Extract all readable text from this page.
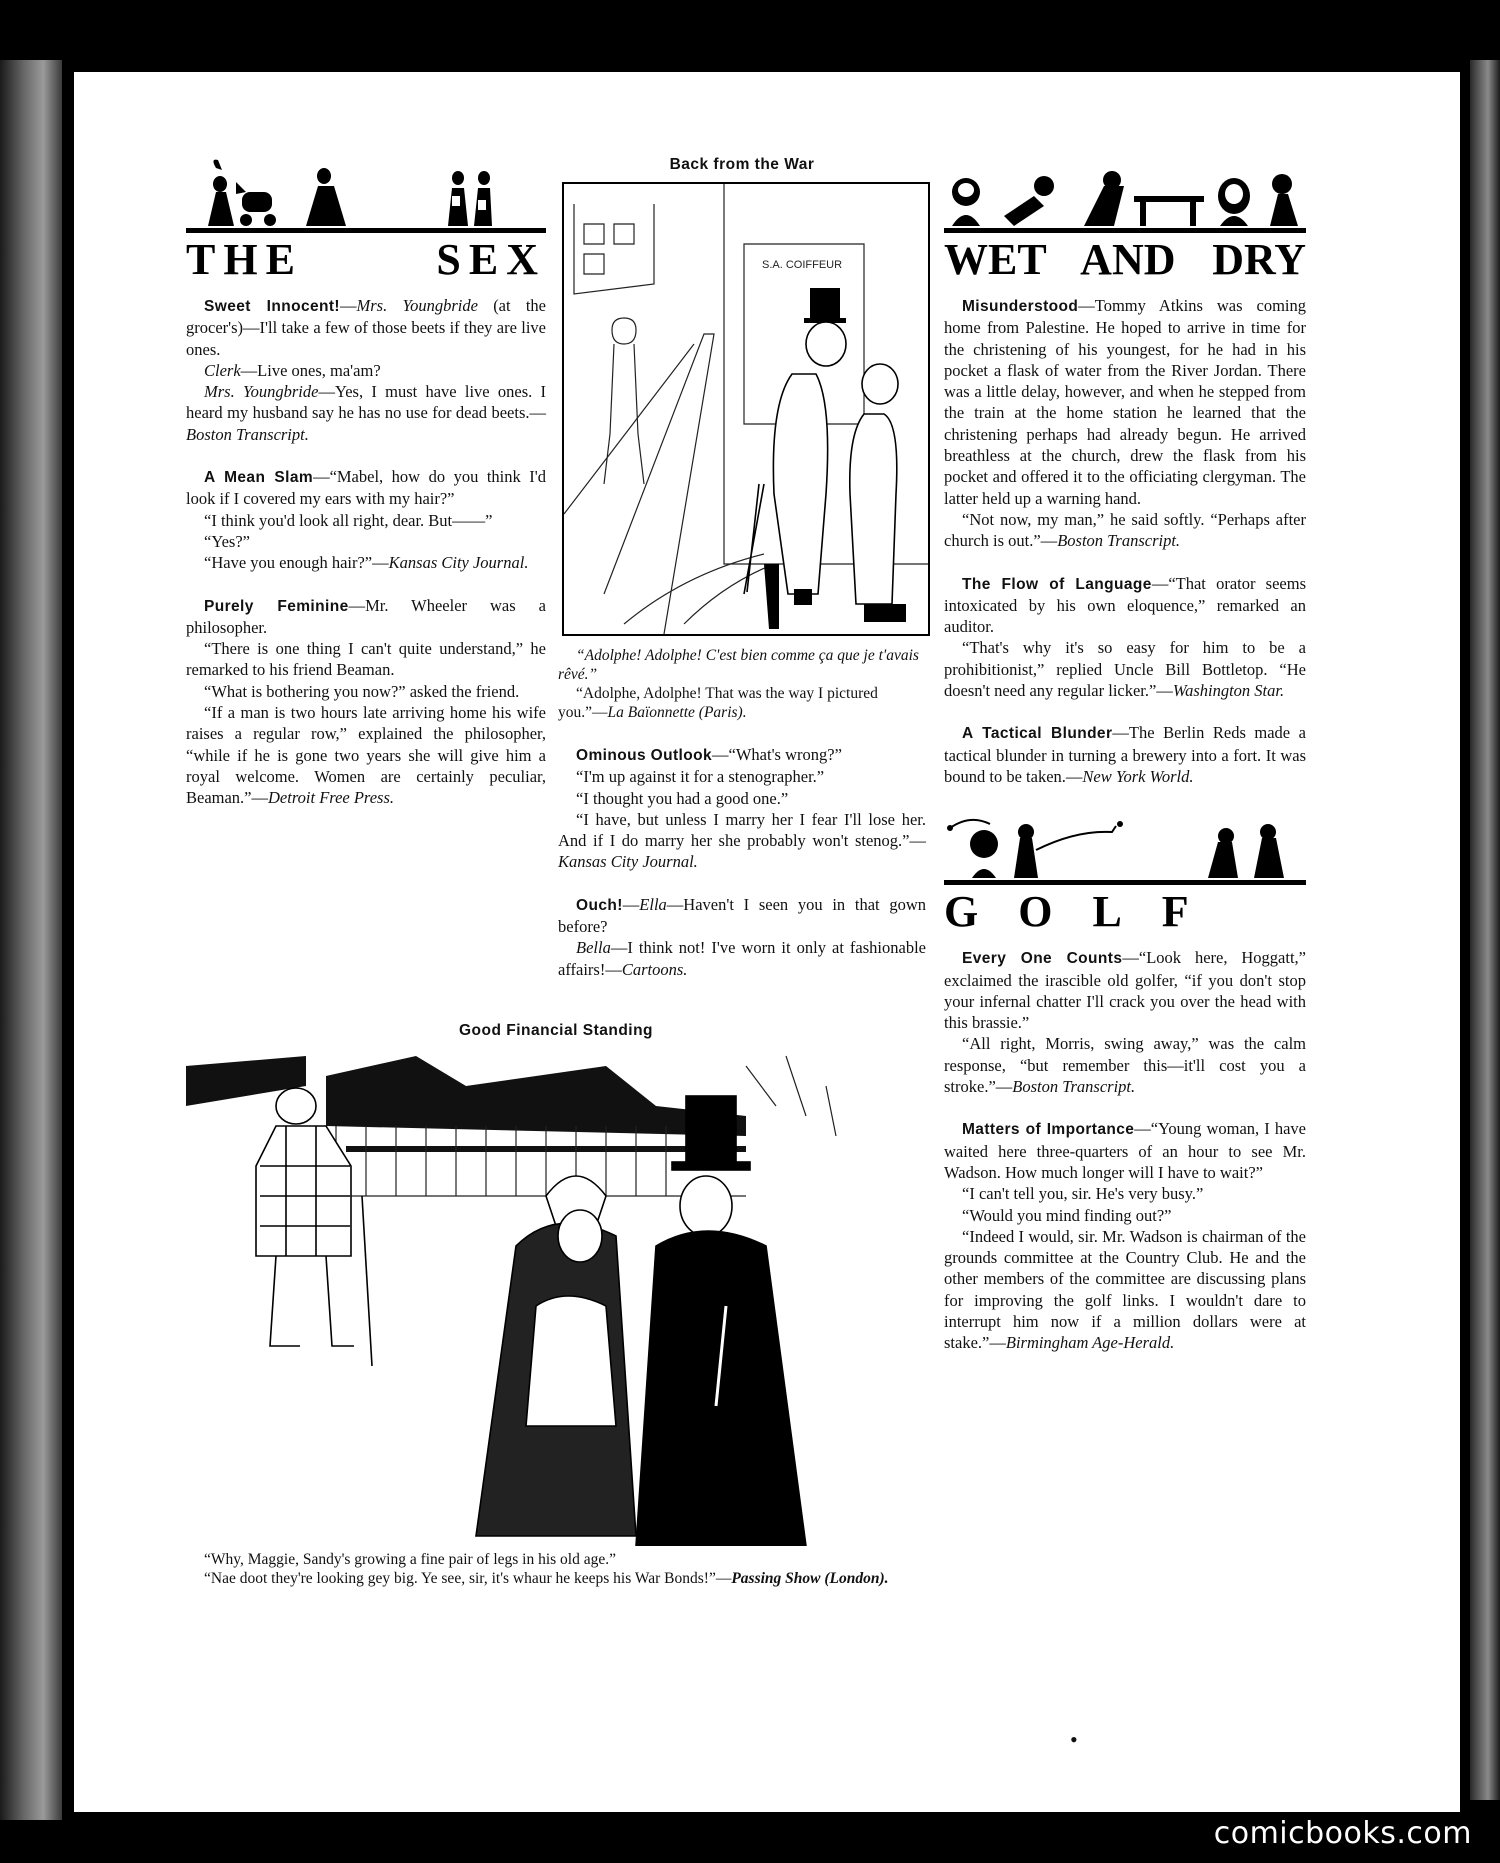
THE SEX

Sweet Innocent!—Mrs. Youngbride (at the grocer's)—I'll take a few of those beets if they are live ones.

Clerk—Live ones, ma'am?

Mrs. Youngbride—Yes, I must have live ones. I heard my husband say he has no use for dead beets.—Boston Transcript.

A Mean Slam—“Mabel, how do you think I'd look if I covered my ears with my hair?”

“I think you'd look all right, dear. But——”

“Yes?”

“Have you enough hair?”—Kansas City Journal.

Purely Feminine—Mr. Wheeler was a philosopher.

“There is one thing I can't quite understand,” he remarked to his friend Beaman.

“What is bothering you now?” asked the friend.

“If a man is two hours late arriving home his wife raises a regular row,” explained the philosopher, “while if he is gone two years she will give him a royal welcome. Women are certainly peculiar, Beaman.”—Detroit Free Press.

Back from the War
S.A. COIFFEUR

“Adolphe! Adolphe! C'est bien comme ça que je t'avais rêvé.”

“Adolphe, Adolphe! That was the way I pictured you.”—La Baïonnette (Paris).

Ominous Outlook—“What's wrong?”

“I'm up against it for a stenographer.”

“I thought you had a good one.”

“I have, but unless I marry her I fear I'll lose her. And if I do marry her she probably won't stenog.”—Kansas City Journal.

Ouch!—Ella—Haven't I seen you in that gown before?

Bella—I think not! I've worn it only at fashionable affairs!—Cartoons.

WET AND DRY

Misunderstood—Tommy Atkins was coming home from Palestine. He hoped to arrive in time for the christening of his youngest, for he had in his pocket a flask of water from the River Jordan. There was a little delay, however, and when he stepped from the train at the home station he learned that the christening perhaps had already begun. He arrived breathless at the church, drew the flask from his pocket and offered it to the officiating clergyman. The latter held up a warning hand.

“Not now, my man,” he said softly. “Perhaps after church is out.”—Boston Transcript.

The Flow of Language—“That orator seems intoxicated by his own eloquence,” remarked an auditor.

“That's why it's so easy for him to be a prohibitionist,” replied Uncle Bill Bottletop. “He doesn't need any regular licker.”—Washington Star.

A Tactical Blunder—The Berlin Reds made a tactical blunder in turning a brewery into a fort. It was bound to be taken.—New York World.

GOLF

Every One Counts—“Look here, Hoggatt,” exclaimed the irascible old golfer, “if you don't stop your infernal chatter I'll crack you over the head with this brassie.”

“All right, Morris, swing away,” was the calm response, “but remember this—it'll cost you a stroke.”—Boston Transcript.

Matters of Importance—“Young woman, I have waited here three-quarters of an hour to see Mr. Wadson. How much longer will I have to wait?”

“I can't tell you, sir. He's very busy.”

“Would you mind finding out?”

“Indeed I would, sir. Mr. Wadson is chairman of the grounds committee at the Country Club. He and the other members of the committee are discussing plans for improving the golf links. I wouldn't dare to interrupt him now if a million dollars were at stake.”—Birmingham Age-Herald.

Good Financial Standing

“Why, Maggie, Sandy's growing a fine pair of legs in his old age.”

“Nae doot they're looking gey big. Ye see, sir, it's whaur he keeps his War Bonds!”—Passing Show (London).

•
comicbooks.com
